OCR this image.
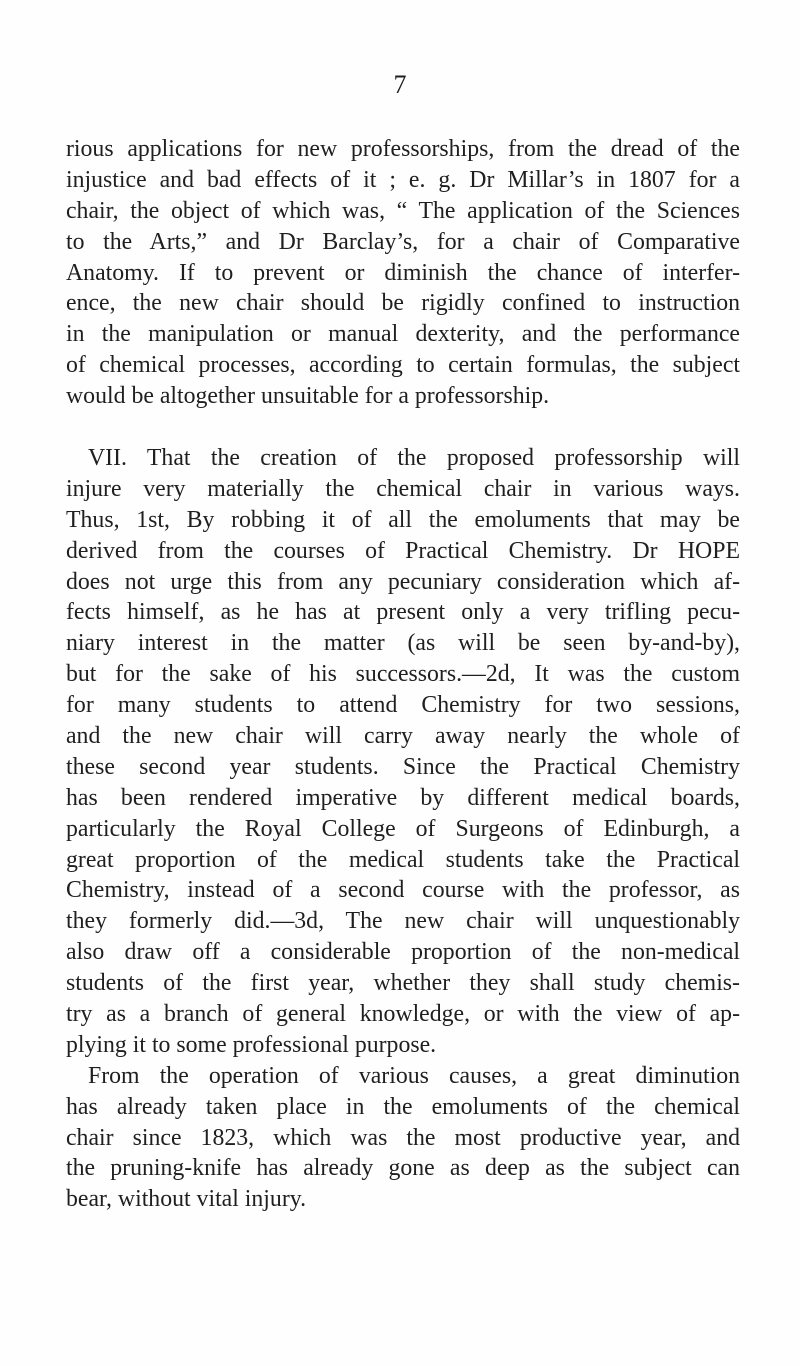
7
rious applications for new professorships, from the dread of the
injustice and bad effects of it ; e. g. Dr Millar’s in 1807 for a
chair, the object of which was, “ The application of the Sciences
to the Arts,” and Dr Barclay’s, for a chair of Comparative
Anatomy. If to prevent or diminish the chance of interfer-
ence, the new chair should be rigidly confined to instruction
in the manipulation or manual dexterity, and the performance
of chemical processes, according to certain formulas, the subject
would be altogether unsuitable for a professorship.
VII. That the creation of the proposed professorship will
injure very materially the chemical chair in various ways.
Thus, 1st, By robbing it of all the emoluments that may be
derived from the courses of Practical Chemistry. Dr HOPE
does not urge this from any pecuniary consideration which af-
fects himself, as he has at present only a very trifling pecu-
niary interest in the matter (as will be seen by-and-by),
but for the sake of his successors.—2d, It was the custom
for many students to attend Chemistry for two sessions,
and the new chair will carry away nearly the whole of
these second year students. Since the Practical Chemistry
has been rendered imperative by different medical boards,
particularly the Royal College of Surgeons of Edinburgh, a
great proportion of the medical students take the Practical
Chemistry, instead of a second course with the professor, as
they formerly did.—3d, The new chair will unquestionably
also draw off a considerable proportion of the non-medical
students of the first year, whether they shall study chemis-
try as a branch of general knowledge, or with the view of ap-
plying it to some professional purpose.
From the operation of various causes, a great diminution
has already taken place in the emoluments of the chemical
chair since 1823, which was the most productive year, and
the pruning-knife has already gone as deep as the subject can
bear, without vital injury.
